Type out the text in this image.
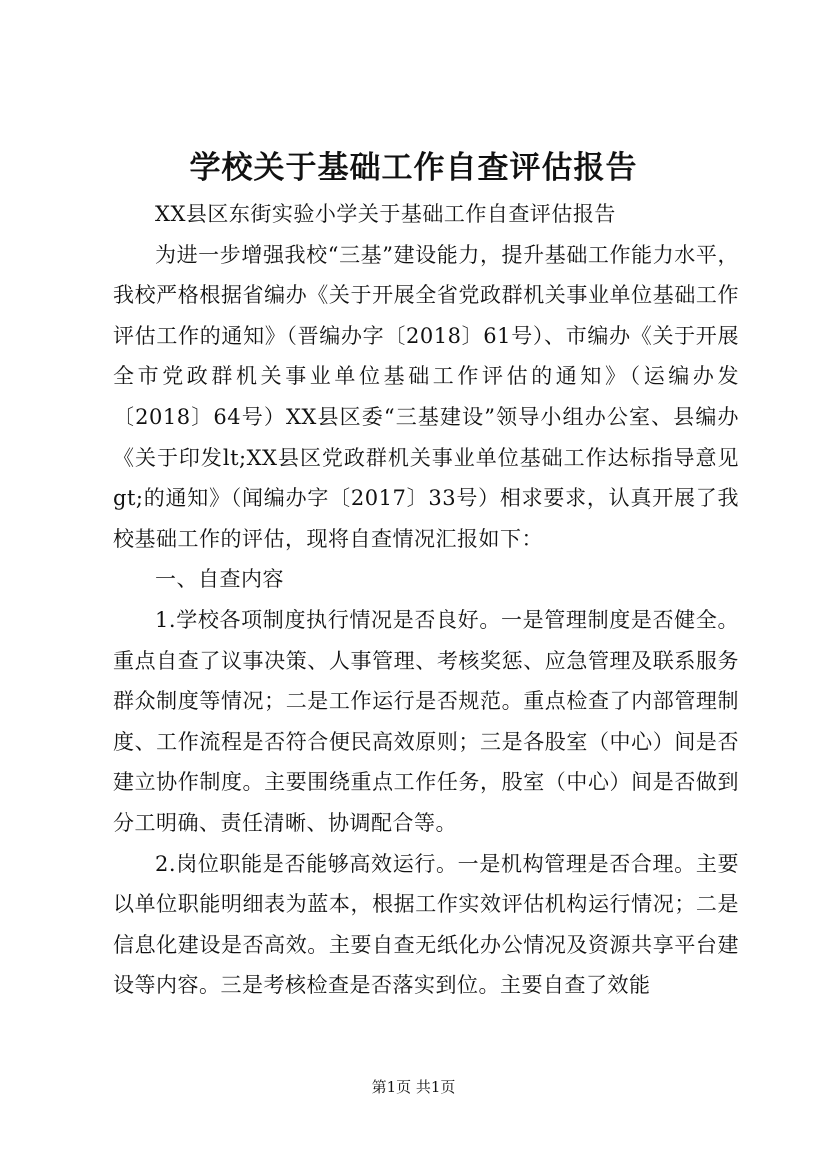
学校关于基础工作自查评估报告

XX县区东街实验小学关于基础工作自查评估报告

为进一步增强我校“三基”建设能力，提升基础工作能力水平，我校严格根据省编办《关于开展全省党政群机关事业单位基础工作评估工作的通知》（晋编办字〔2018〕61号）、市编办《关于开展全市党政群机关事业单位基础工作评估的通知》（运编办发〔2018〕64号）XX县区委“三基建设”领导小组办公室、县编办《关于印发lt;XX县区党政群机关事业单位基础工作达标指导意见gt;的通知》（闻编办字〔2017〕33号）相求要求，认真开展了我校基础工作的评估，现将自查情况汇报如下：

一、自查内容

1.学校各项制度执行情况是否良好。一是管理制度是否健全。重点自查了议事决策、人事管理、考核奖惩、应急管理及联系服务群众制度等情况；二是工作运行是否规范。重点检查了内部管理制度、工作流程是否符合便民高效原则；三是各股室（中心）间是否建立协作制度。主要围绕重点工作任务，股室（中心）间是否做到分工明确、责任清晰、协调配合等。

2.岗位职能是否能够高效运行。一是机构管理是否合理。主要以单位职能明细表为蓝本，根据工作实效评估机构运行情况；二是信息化建设是否高效。主要自查无纸化办公情况及资源共享平台建设等内容。三是考核检查是否落实到位。主要自查了效能

第1页 共1页
